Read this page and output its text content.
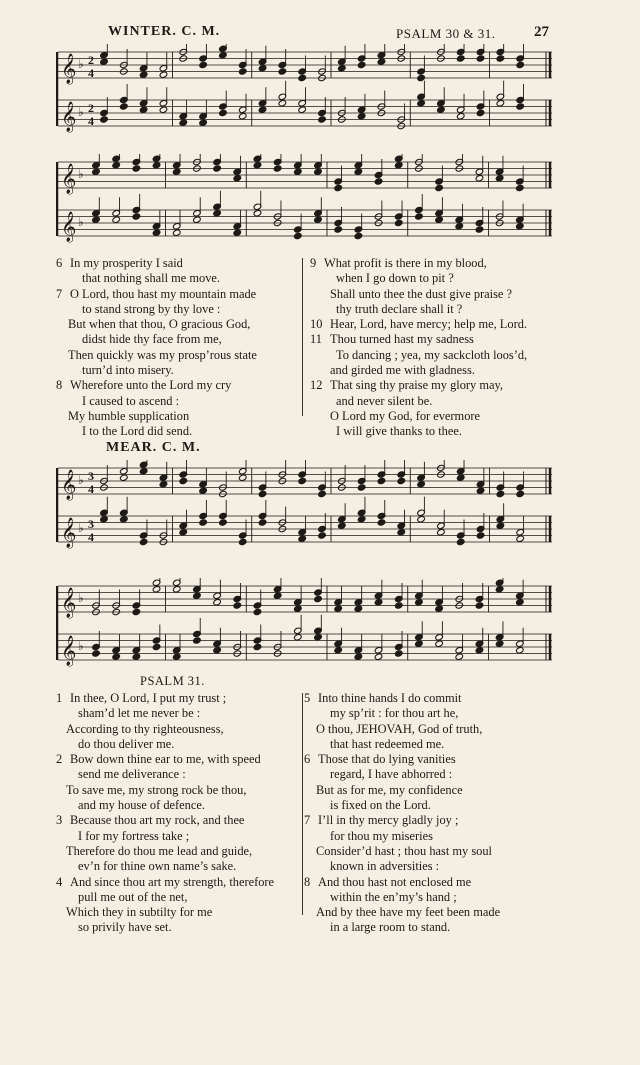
WINTER. C. M.	PSALM 30 & 31.	27
𝄞 ♭ 2
4
𝄞 ♭ 2
4
𝄞 ♭
𝄞 ♭
6 In my prosperity I said
that nothing shall me move.
7 O Lord, thou hast my mountain made
to stand strong by thy love :
But when that thou, O gracious God,
didst hide thy face from me,
Then quickly was my prosp’rous state
turn’d into misery.
8 Wherefore unto the Lord my cry
I caused to ascend :
My humble supplication
I to the Lord did send.
9 What profit is there in my blood,
when I go down to pit ?
Shall unto thee the dust give praise ?
thy truth declare shall it ?
10 Hear, Lord, have mercy; help me, Lord.
11 Thou turned hast my sadness
To dancing ; yea, my sackcloth loos’d,
and girded me with gladness.
12 That sing thy praise my glory may,
and never silent be.
O Lord my God, for evermore
I will give thanks to thee.
MEAR. C. M.
𝄞 ♭ 3
4
𝄞 ♭ 3
4
𝄞 ♭
𝄞 ♭
PSALM 31.
1 In thee, O Lord, I put my trust ;
sham’d let me never be :
According to thy righteousness,
do thou deliver me.
2 Bow down thine ear to me, with speed
send me deliverance :
To save me, my strong rock be thou,
and my house of defence.
3 Because thou art my rock, and thee
I for my fortress take ;
Therefore do thou me lead and guide,
ev’n for thine own name’s sake.
4 And since thou art my strength, therefore
pull me out of the net,
Which they in subtilty for me
so privily have set.
5 Into thine hands I do commit
my sp’rit : for thou art he,
O thou, JEHOVAH, God of truth,
that hast redeemed me.
6 Those that do lying vanities
regard, I have abhorred :
But as for me, my confidence
is fixed on the Lord.
7 I’ll in thy mercy gladly joy ;
for thou my miseries
Consider’d hast ; thou hast my soul
known in adversities :
8 And thou hast not enclosed me
within the en’my’s hand ;
And by thee have my feet been made
in a large room to stand.
